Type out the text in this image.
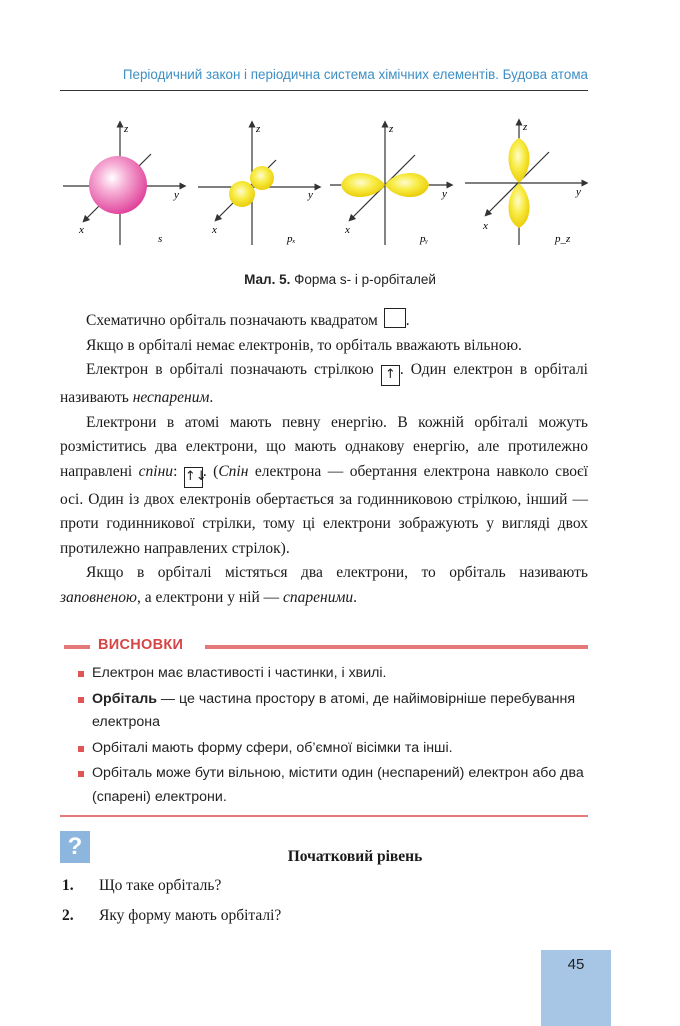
Періодичний закон і періодична система хімічних елементів. Будова атома
z
y
x
s
z
y
x
pₓ
z
y
x
pᵧ
z
y
x
p_z
Мал. 5. Форма s- і p-орбіталей

Схематично орбіталь позначають квадратом .

Якщо в орбіталі немає електронів, то орбіталь вважають вільною.

Електрон в орбіталі позначають стрілкою ↑ . Один електрон в орбіталі називають неспареним.

Електрони в атомі мають певну енергію. В кожній орбіталі можуть розміститись два електрони, що мають однакову енергію, але протилежно направлені спіни: ↑↓. (Спін електрона — обертання електрона навколо своєї осі. Один із двох електронів обертається за годинниковою стрілкою, інший — проти годинникової стрілки, тому ці електрони зображують у вигляді двох протилежно направлених стрілок).

Якщо в орбіталі містяться два електрони, то орбіталь називають заповненою, а електрони у ній — спареними.

ВИСНОВКИ
Електрон має властивості і частинки, і хвилі.
Орбіталь — це частина простору в атомі, де найімовірніше перебування електрона
Орбіталі мають форму сфери, об’ємної вісімки та інші.
Орбіталь може бути вільною, містити один (неспарений) електрон або два (спарені) електрони.
?	Початковий рівень
1. Що таке орбіталь?
2. Яку форму мають орбіталі?
45
